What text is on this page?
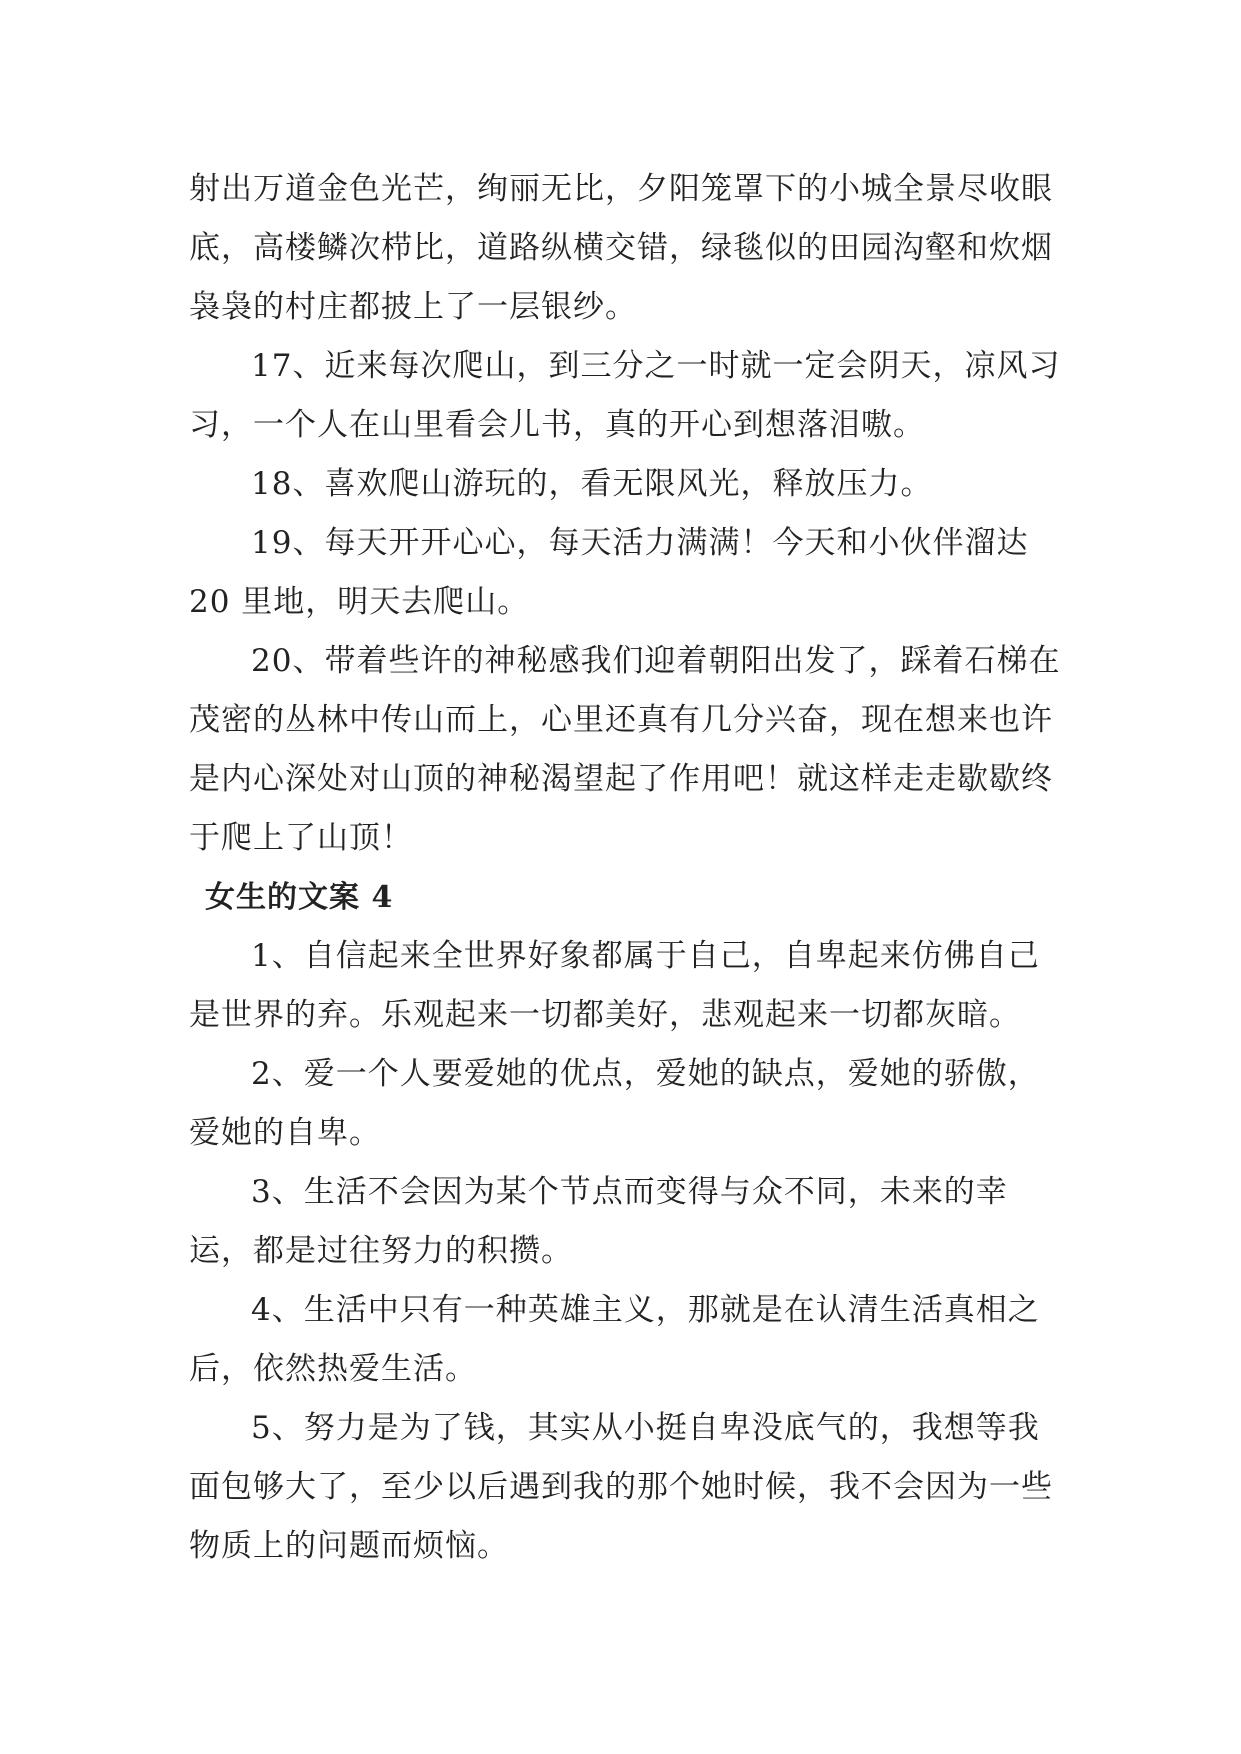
射出万道金色光芒，绚丽无比，夕阳笼罩下的小城全景尽收眼底，高楼鳞次栉比，道路纵横交错，绿毯似的田园沟壑和炊烟袅袅的村庄都披上了一层银纱。

17、近来每次爬山，到三分之一时就一定会阴天，凉风习习，一个人在山里看会儿书，真的开心到想落泪嗷。

18、喜欢爬山游玩的，看无限风光，释放压力。

19、每天开开心心，每天活力满满！今天和小伙伴溜达20 里地，明天去爬山。

20、带着些许的神秘感我们迎着朝阳出发了，踩着石梯在茂密的丛林中传山而上，心里还真有几分兴奋，现在想来也许是内心深处对山顶的神秘渴望起了作用吧！就这样走走歇歇终于爬上了山顶！

女生的文案 4

1、自信起来全世界好象都属于自己，自卑起来仿佛自己是世界的弃。乐观起来一切都美好，悲观起来一切都灰暗。

2、爱一个人要爱她的优点，爱她的缺点，爱她的骄傲，爱她的自卑。

3、生活不会因为某个节点而变得与众不同，未来的幸运，都是过往努力的积攒。

4、生活中只有一种英雄主义，那就是在认清生活真相之后，依然热爱生活。

5、努力是为了钱，其实从小挺自卑没底气的，我想等我面包够大了，至少以后遇到我的那个她时候，我不会因为一些物质上的问题而烦恼。
